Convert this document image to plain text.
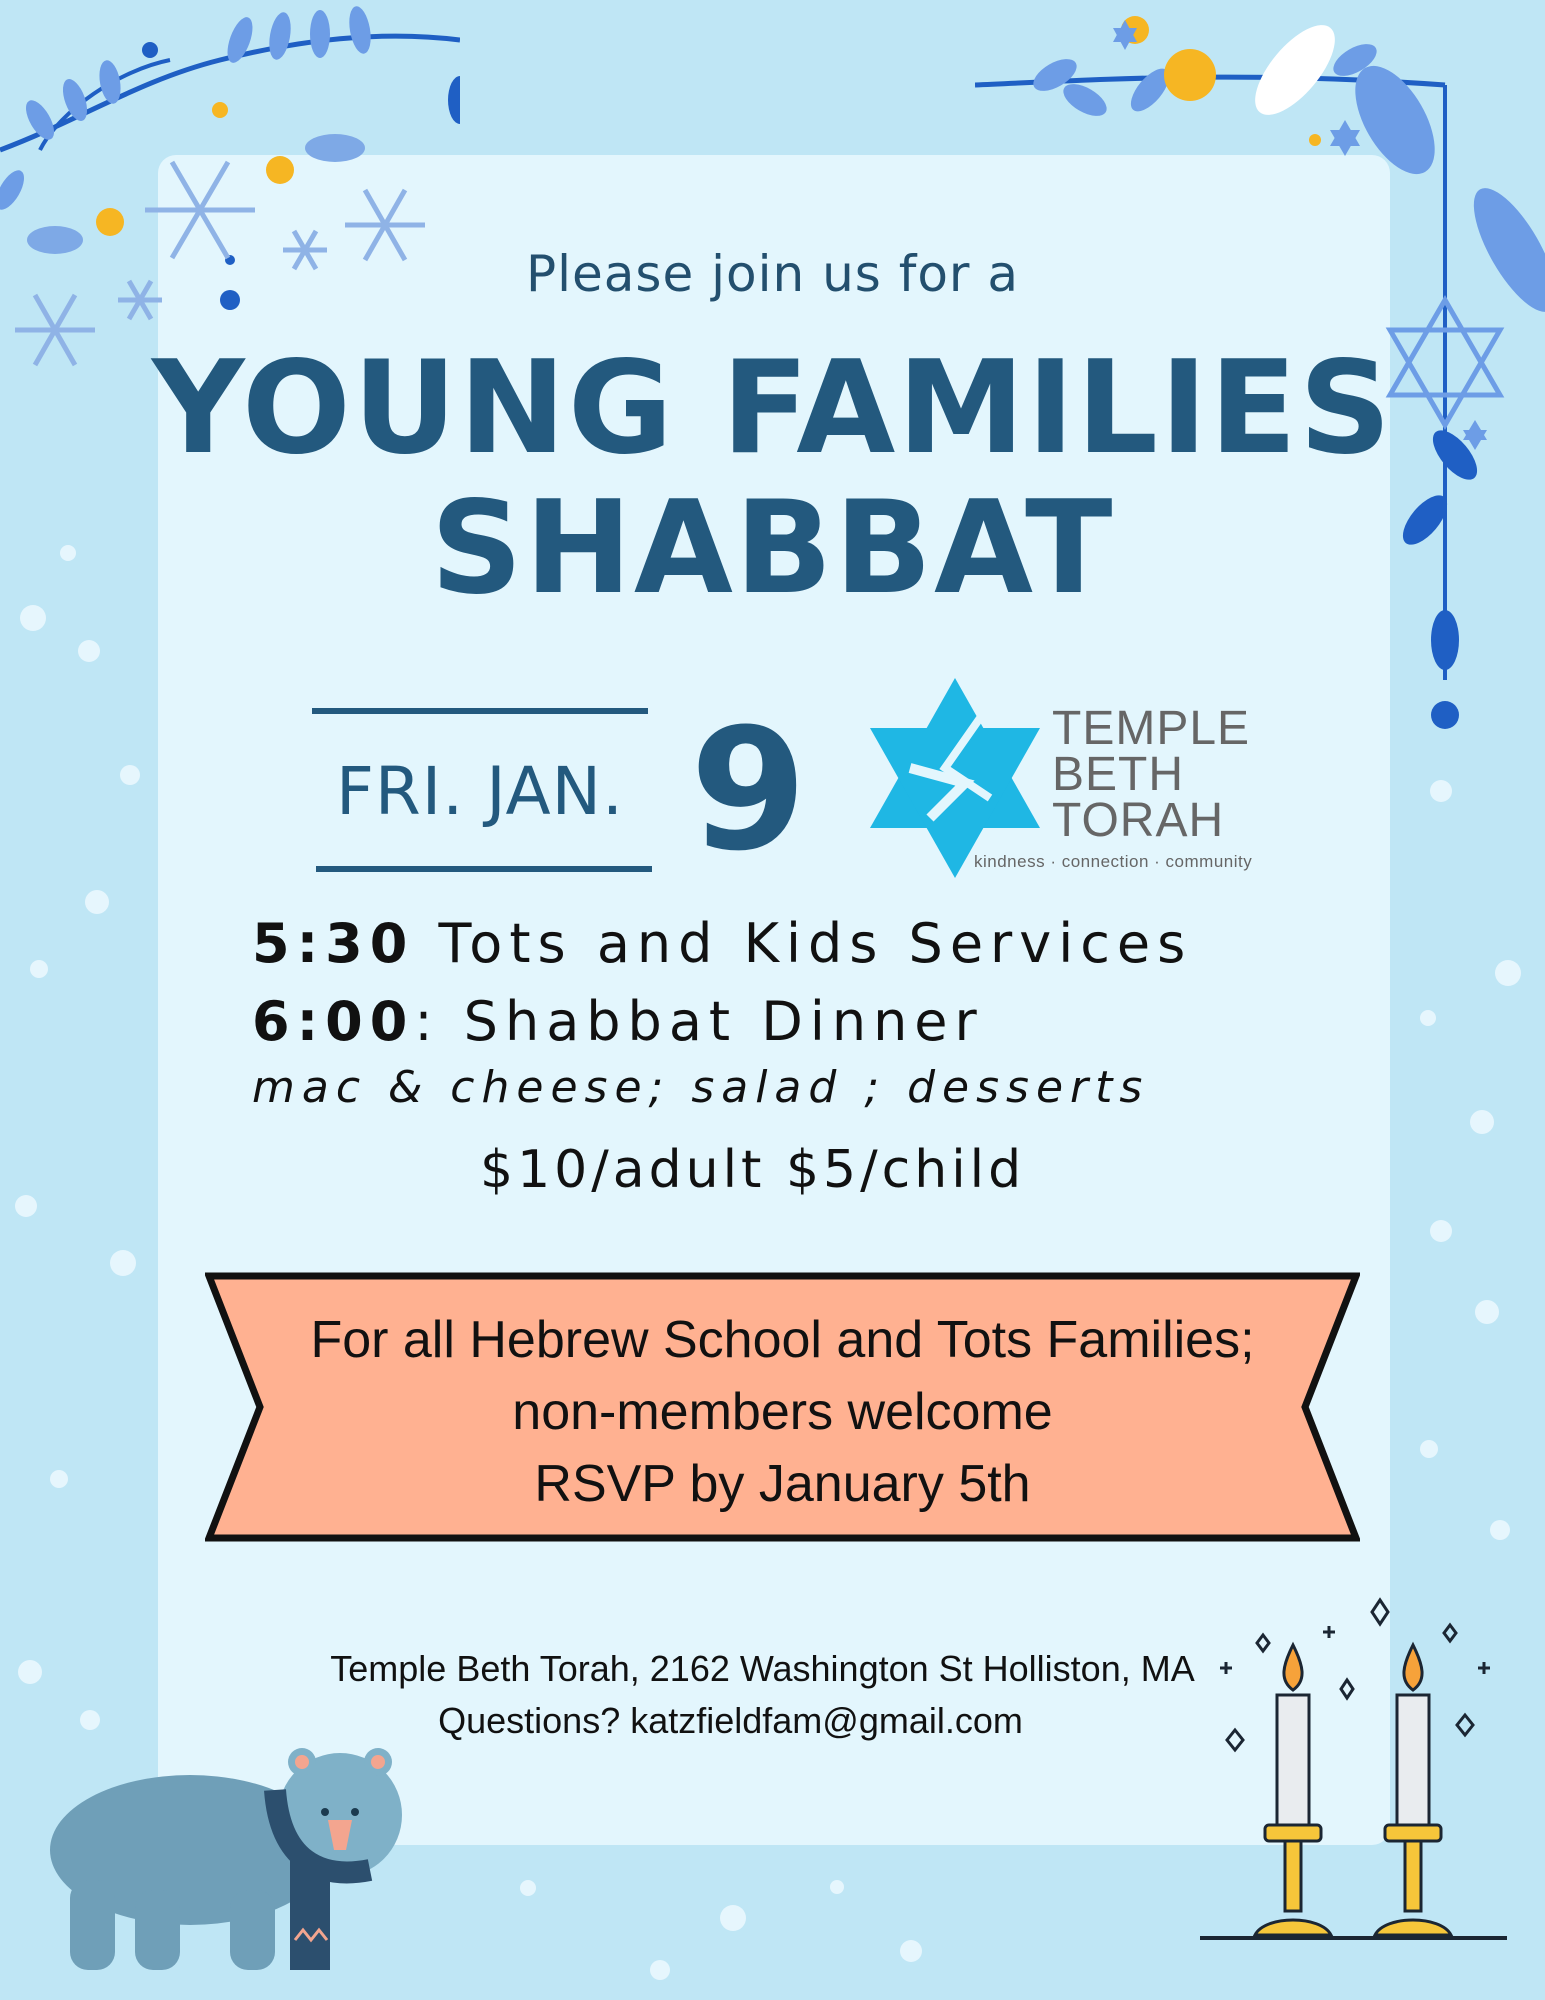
Please join us for a
YOUNG FAMILIES
SHABBAT
FRI. JAN. 9	TEMPLE
BETH
TORAH
kindness · connection · community
5:30 Tots and Kids Services
6:00: Shabbat Dinner
mac & cheese; salad ; desserts
$10/adult $5/child
For all Hebrew School and Tots Families;
non-members welcome
RSVP by January 5th
Temple Beth Torah, 2162 Washington St Holliston, MA
Questions? katzfieldfam@gmail.com
